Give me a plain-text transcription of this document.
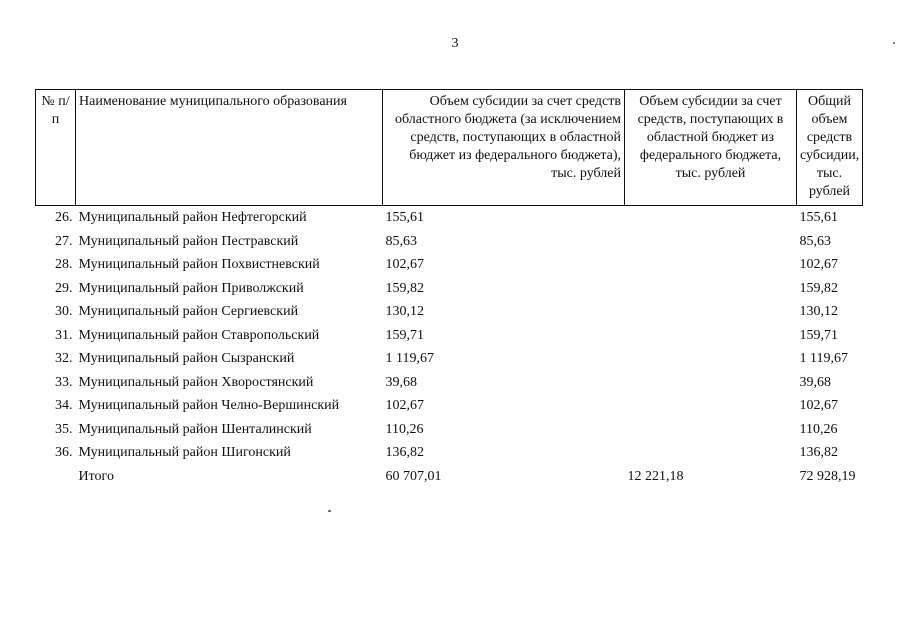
3
№ п/п	Наименование муниципального образования	Объем субсидии за счет средств областного бюджета (за исключением средств, поступающих в областной бюджет из федерального бюджета), тыс. рублей	Объем субсидии за счет средств, поступающих в областной бюджет из федерального бюджета, тыс. рублей	Общий объем средств субсидии, тыс. рублей
26.	Муниципальный район Нефтегорский	155,61		155,61
27.	Муниципальный район Пестравский	85,63		85,63
28.	Муниципальный район Похвистневский	102,67		102,67
29.	Муниципальный район Приволжский	159,82		159,82
30.	Муниципальный район Сергиевский	130,12		130,12
31.	Муниципальный район Ставропольский	159,71		159,71
32.	Муниципальный район Сызранский	1 119,67		1 119,67
33.	Муниципальный район Хворостянский	39,68		39,68
34.	Муниципальный район Челно-Вершинский	102,67		102,67
35.	Муниципальный район Шенталинский	110,26		110,26
36.	Муниципальный район Шигонский	136,82		136,82
	Итого	60 707,01	12 221,18	72 928,19
